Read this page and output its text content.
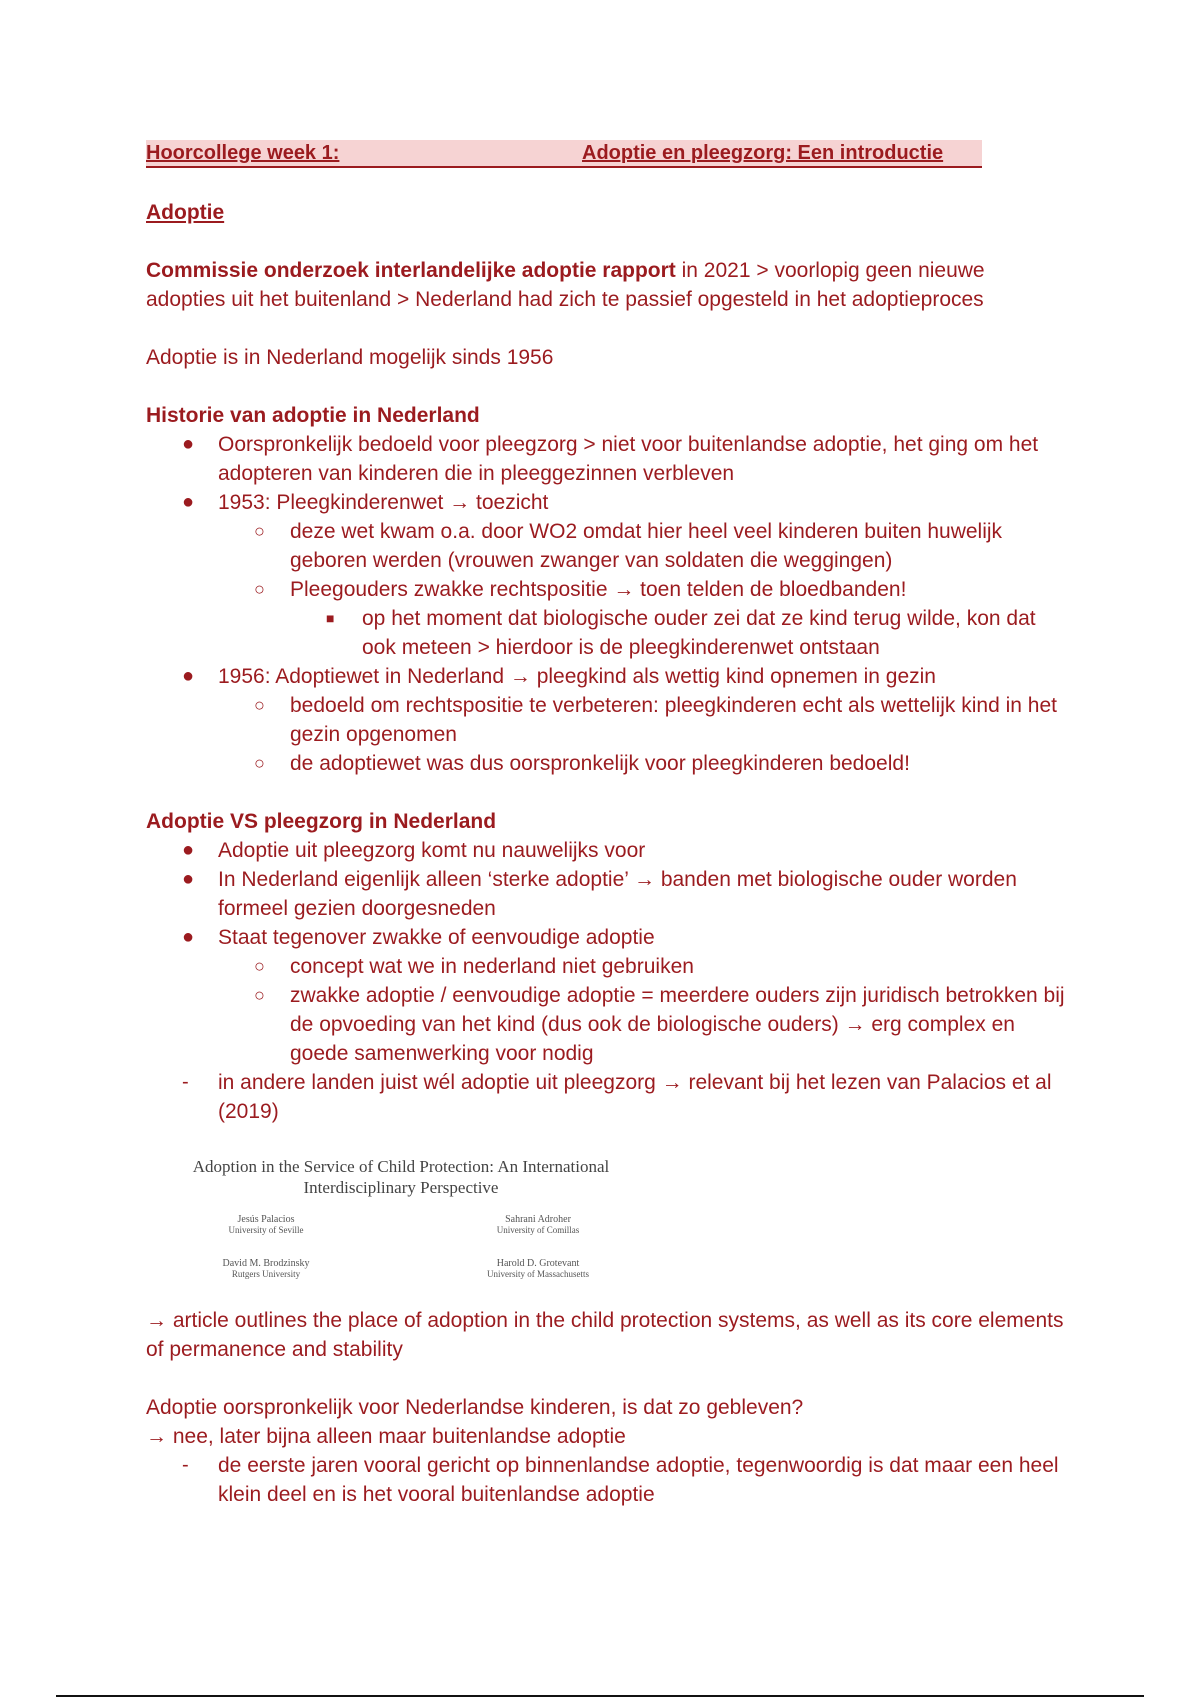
Hoorcollege week 1:	Adoptie en pleegzorg: Een introductie
Adoptie

Commissie onderzoek interlandelijke adoptie rapport in 2021 > voorlopig geen nieuwe adopties uit het buitenland > Nederland had zich te passief opgesteld in het adoptieproces

Adoptie is in Nederland mogelijk sinds 1956

Historie van adoptie in Nederland
● Oorspronkelijk bedoeld voor pleegzorg > niet voor buitenlandse adoptie, het ging om het adopteren van kinderen die in pleeggezinnen verbleven
● 1953: Pleegkinderenwet → toezicht
○ deze wet kwam o.a. door WO2 omdat hier heel veel kinderen buiten huwelijk geboren werden (vrouwen zwanger van soldaten die weggingen)
○ Pleegouders zwakke rechtspositie → toen telden de bloedbanden!
■ op het moment dat biologische ouder zei dat ze kind terug wilde, kon dat ook meteen > hierdoor is de pleegkinderenwet ontstaan
● 1956: Adoptiewet in Nederland → pleegkind als wettig kind opnemen in gezin
○ bedoeld om rechtspositie te verbeteren: pleegkinderen echt als wettelijk kind in het gezin opgenomen
○ de adoptiewet was dus oorspronkelijk voor pleegkinderen bedoeld!
Adoptie VS pleegzorg in Nederland
● Adoptie uit pleegzorg komt nu nauwelijks voor
● In Nederland eigenlijk alleen ‘sterke adoptie’ → banden met biologische ouder worden formeel gezien doorgesneden
● Staat tegenover zwakke of eenvoudige adoptie
○ concept wat we in nederland niet gebruiken
○ zwakke adoptie / eenvoudige adoptie = meerdere ouders zijn juridisch betrokken bij de opvoeding van het kind (dus ook de biologische ouders) → erg complex en goede samenwerking voor nodig
- in andere landen juist wél adoptie uit pleegzorg → relevant bij het lezen van Palacios et al (2019)
Adoption in the Service of Child Protection: An International
Interdisciplinary Perspective
Jesús Palacios
University of Seville
Sahrani Adroher
University of Comillas
David M. Brodzinsky
Rutgers University
Harold D. Grotevant
University of Massachusetts

→ article outlines the place of adoption in the child protection systems, as well as its core elements of permanence and stability

Adoptie oorspronkelijk voor Nederlandse kinderen, is dat zo gebleven?

→ nee, later bijna alleen maar buitenlandse adoptie

- de eerste jaren vooral gericht op binnenlandse adoptie, tegenwoordig is dat maar een heel klein deel en is het vooral buitenlandse adoptie
